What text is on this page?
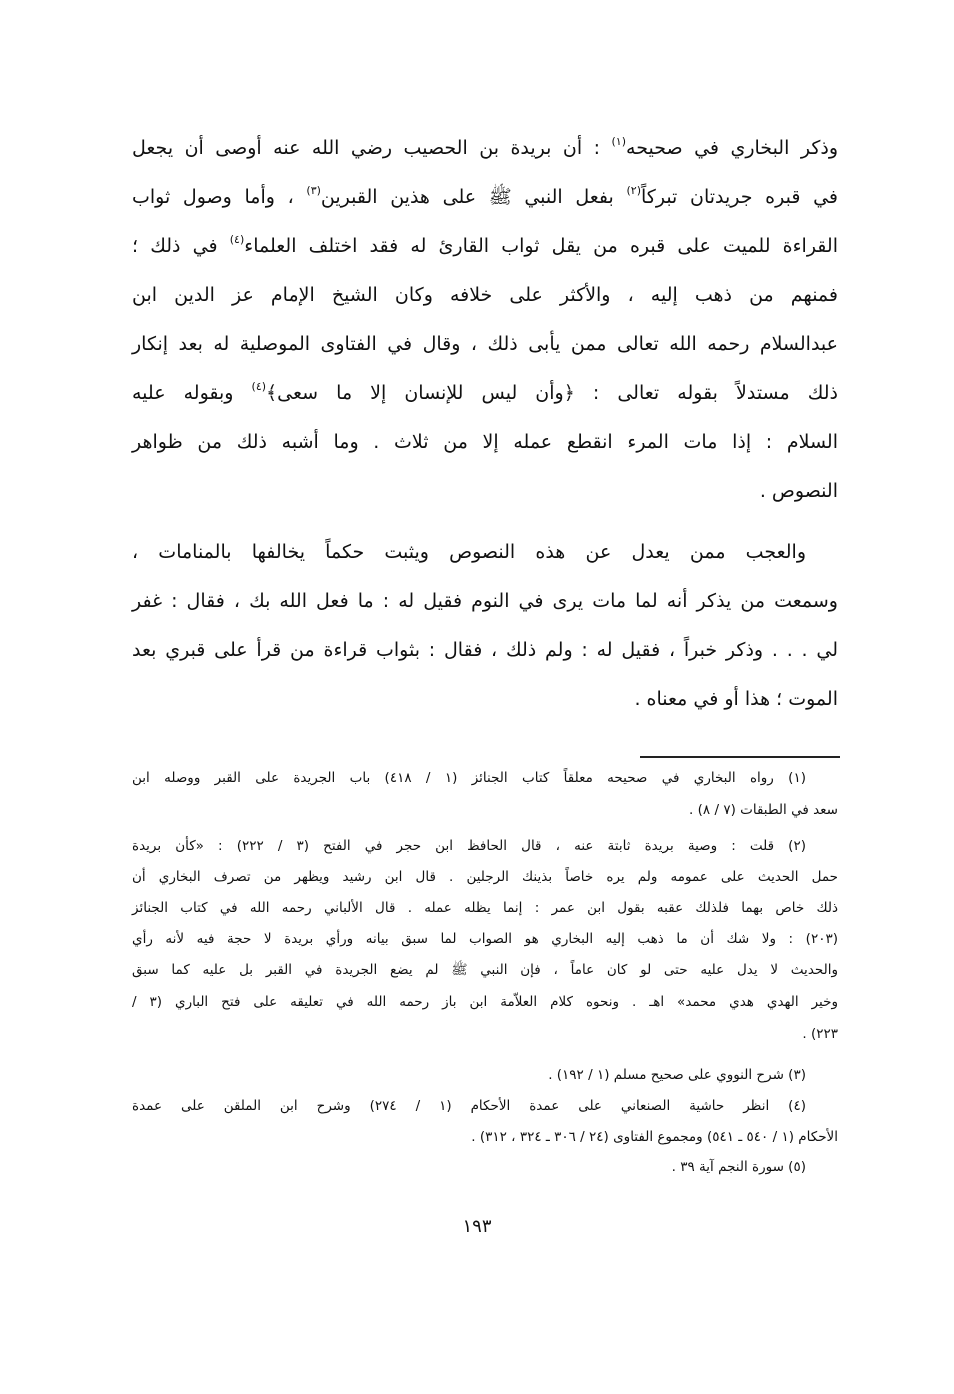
وذكر البخاري في صحيحه$^{(١)}$ : أن بريدة بن الحصيب رضي الله عنه أوصى أن يجعل
في قبره جريدتان تبركاً$^{(٢)}$ بفعل النبي ﷺ على هذين القبرين$^{(٣)}$ ، وأما وصول ثواب
القراءة للميت على قبره من يقل ثواب القارئ له فقد اختلف العلماء$^{(٤)}$ في ذلك ؛
فمنهم من ذهب إليه ، والأكثر على خلافه وكان الشيخ الإمام عز الدين ابن
عبدالسلام رحمه الله تعالى ممن يأبى ذلك ، وقال في الفتاوى الموصلية له بعد إنكار
ذلك مستدلاً بقوله تعالى : ﴿وأن ليس للإنسان إلا ما سعى﴾$^{(٤)}$ وبقوله عليه
السلام : إذا مات المرء انقطع عمله إلا من ثلاث . وما أشبه ذلك من ظواهر
النصوص .
والعجب ممن يعدل عن هذه النصوص ويثبت حكماً يخالفها بالمنامات ،
وسمعت من يذكر أنه لما مات يرى في النوم فقيل له : ما فعل الله بك ، فقال : غفر
لي . . . وذكر خبراً ، فقيل له : ولم ذلك ، فقال : بثواب قراءة من قرأ على قبري بعد
الموت ؛ هذا أو في معناه .
(١) رواه البخاري في صحيحه معلقاً كتاب الجنائز (١ / ٤١٨) باب الجريدة على القبر ووصله ابن
سعد في الطبقات (٧ / ٨) .
(٢) قلت : وصية بريدة ثابتة عنه ، قال الحافظ ابن حجر في الفتح (٣ / ٢٢٢) : «كأن بريدة
حمل الحديث على عمومه ولم يره خاصاً بذينك الرجلين . قال ابن رشيد ويظهر من تصرف البخاري أن
ذلك خاص بهما فلذلك عقبه بقول ابن عمر : إنما يظله عمله . قال الألباني رحمه الله في كتاب الجنائز
(٢٠٣) : ولا شك أن ما ذهب إليه البخاري هو الصواب لما سبق بيانه ورأي بريدة لا حجة فيه لأنه رأي
والحديث لا يدل عليه حتى لو كان عاماً ، فإن النبي ﷺ لم يضع الجريدة في القبر بل عليه كما سبق
وخير الهدي هدي محمد» اهـ . ونحوه كلام العلاّمة ابن باز رحمه الله في تعليقه على فتح الباري (٣ /
٢٢٣) .
(٣) شرح النووي على صحيح مسلم (١ / ١٩٢) .
(٤) انظر حاشية الصنعاني على عمدة الأحكام (١ / ٢٧٤) وشرح ابن الملقن على عمدة
الأحكام (١ / ٥٤٠ ـ ٥٤١) ومجموع الفتاوى (٢٤ / ٣٠٦ ـ ٣٢٤ ، ٣١٢) .
(٥) سورة النجم آية ٣٩ .
١٩٣
